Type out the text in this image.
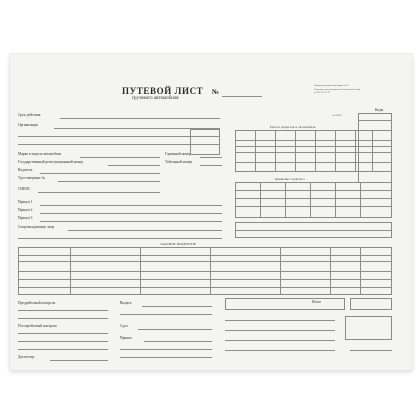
Типовая межотраслевая форма № 4-С
Утверждена постановлением Госкомстата России
от 28.11.97 № 78
ПУТЕВОЙ ЛИСТ №
грузового автомобиля
Коды
по ОКУД
Срок действия
Организация
Марка и модель автомобиля
Государственный регистрационный номер
Водитель
Удостоверение №
СНИЛС
Табельный номер
Гаражный номер
Прицеп 1
Прицеп 2
Прицеп 3
Сопровождающие лица
Работа водителя и автомобиля
Движение горючего
ЗАДАНИЕ ВОДИТЕЛЮ
Предрейсовый контроль
Послерейсовый контроль
Диспетчер
Выдать
Сдал
Принял
Итого
